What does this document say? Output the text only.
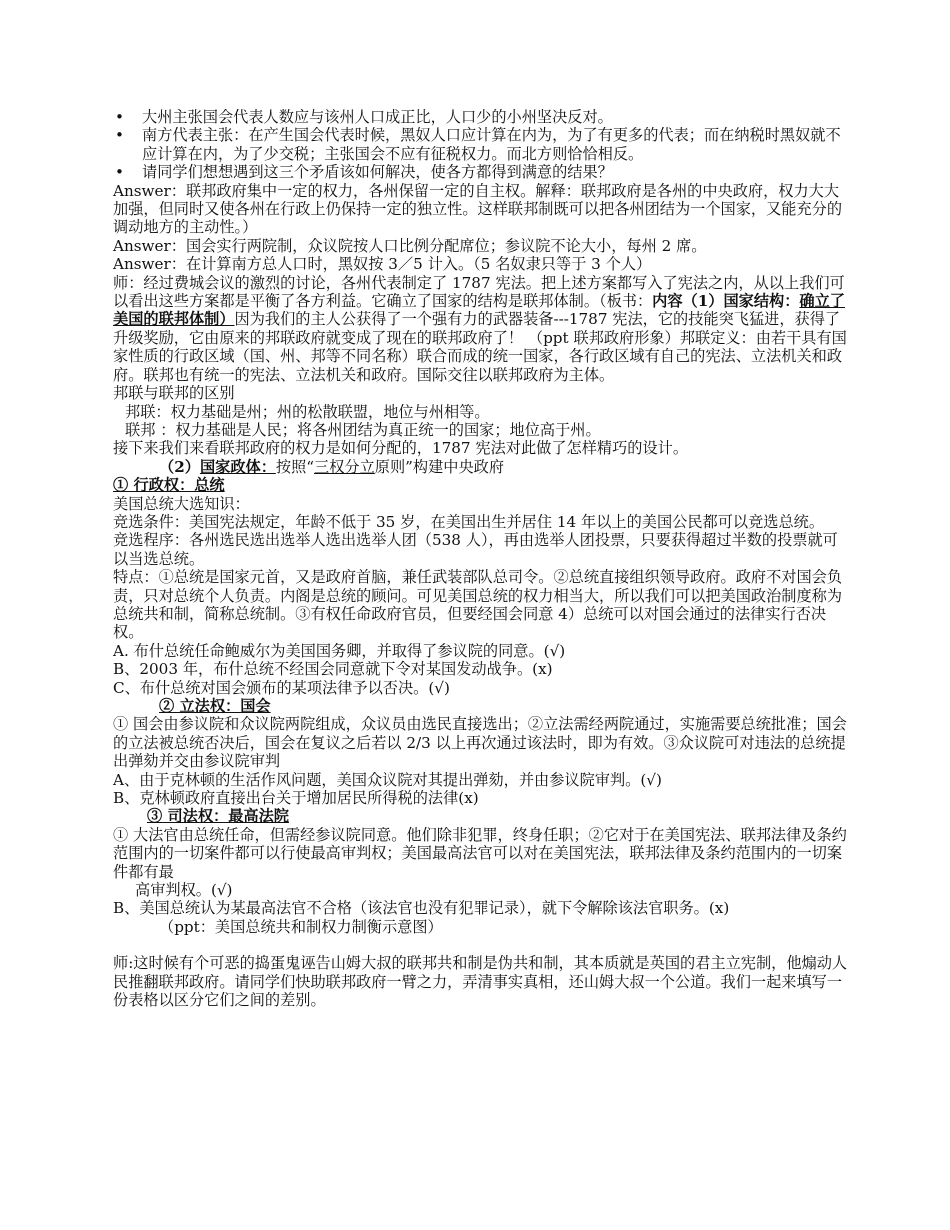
• 大州主张国会代表人数应与该州人口成正比，人口少的小州坚决反对。
• 南方代表主张：在产生国会代表时候，黑奴人口应计算在内为，为了有更多的代表；而在纳税时黑奴就不应计算在内，为了少交税；主张国会不应有征税权力。而北方则恰恰相反。
• 请同学们想想遇到这三个矛盾该如何解决，使各方都得到满意的结果？

Answer：联邦政府集中一定的权力，各州保留一定的自主权。解释：联邦政府是各州的中央政府，权力大大加强，但同时又使各州在行政上仍保持一定的独立性。这样联邦制既可以把各州团结为一个国家，又能充分的调动地方的主动性。）

Answer：国会实行两院制，众议院按人口比例分配席位；参议院不论大小，每州 2 席。

Answer：在计算南方总人口时，黑奴按 3／5 计入。（5 名奴隶只等于 3 个人）

师：经过费城会议的激烈的讨论，各州代表制定了 1787 宪法。把上述方案都写入了宪法之内，从以上我们可以看出这些方案都是平衡了各方利益。它确立了国家的结构是联邦体制。（板书：内容（1）国家结构：确立了美国的联邦体制）因为我们的主人公获得了一个强有力的武器装备---1787 宪法，它的技能突飞猛进，获得了升级奖励，它由原来的邦联政府就变成了现在的联邦政府了！ （ppt 联邦政府形象）邦联定义：由若干具有国家性质的行政区域（国、州、邦等不同名称）联合而成的统一国家，各行政区域有自己的宪法、立法机关和政府。联邦也有统一的宪法、立法机关和政府。国际交往以联邦政府为主体。

邦联与联邦的区别

邦联：权力基础是州；州的松散联盟，地位与州相等。

联邦 ：权力基础是人民；将各州团结为真正统一的国家；地位高于州。

接下来我们来看联邦政府的权力是如何分配的，1787 宪法对此做了怎样精巧的设计。

（2）国家政体：按照“三权分立原则”构建中央政府

① 行政权：总统

美国总统大选知识：

竞选条件：美国宪法规定，年龄不低于 35 岁，在美国出生并居住 14 年以上的美国公民都可以竞选总统。

竞选程序：各州选民选出选举人选出选举人团（538 人），再由选举人团投票，只要获得超过半数的投票就可以当选总统。

特点：①总统是国家元首，又是政府首脑，兼任武装部队总司令。②总统直接组织领导政府。政府不对国会负责，只对总统个人负责。内阁是总统的顾问。可见美国总统的权力相当大，所以我们可以把美国政治制度称为总统共和制，简称总统制。③有权任命政府官员，但要经国会同意 4）总统可以对国会通过的法律实行否决权。

A. 布什总统任命鲍威尔为美国国务卿，并取得了参议院的同意。(√)

B、2003 年，布什总统不经国会同意就下令对某国发动战争。(х)

C、布什总统对国会颁布的某项法律予以否决。(√)

② 立法权：国会

① 国会由参议院和众议院两院组成，众议员由选民直接选出；②立法需经两院通过，实施需要总统批准；国会的立法被总统否决后，国会在复议之后若以 2/3 以上再次通过该法时，即为有效。③众议院可对违法的总统提出弹劾并交由参议院审判

A、由于克林顿的生活作风问题，美国众议院对其提出弹劾，并由参议院审判。(√)

B、克林顿政府直接出台关于增加居民所得税的法律(х)

③ 司法权：最高法院

① 大法官由总统任命，但需经参议院同意。他们除非犯罪，终身任职；②它对于在美国宪法、联邦法律及条约范围内的一切案件都可以行使最高审判权；美国最高法官可以对在美国宪法，联邦法律及条约范围内的一切案件都有最

高审判权。(√)

B、美国总统认为某最高法官不合格（该法官也没有犯罪记录），就下令解除该法官职务。(х)

（ppt：美国总统共和制权力制衡示意图）

师:这时候有个可恶的捣蛋鬼诬告山姆大叔的联邦共和制是伪共和制，其本质就是英国的君主立宪制，他煽动人民推翻联邦政府。请同学们快助联邦政府一臂之力，弄清事实真相，还山姆大叔一个公道。我们一起来填写一份表格以区分它们之间的差别。
